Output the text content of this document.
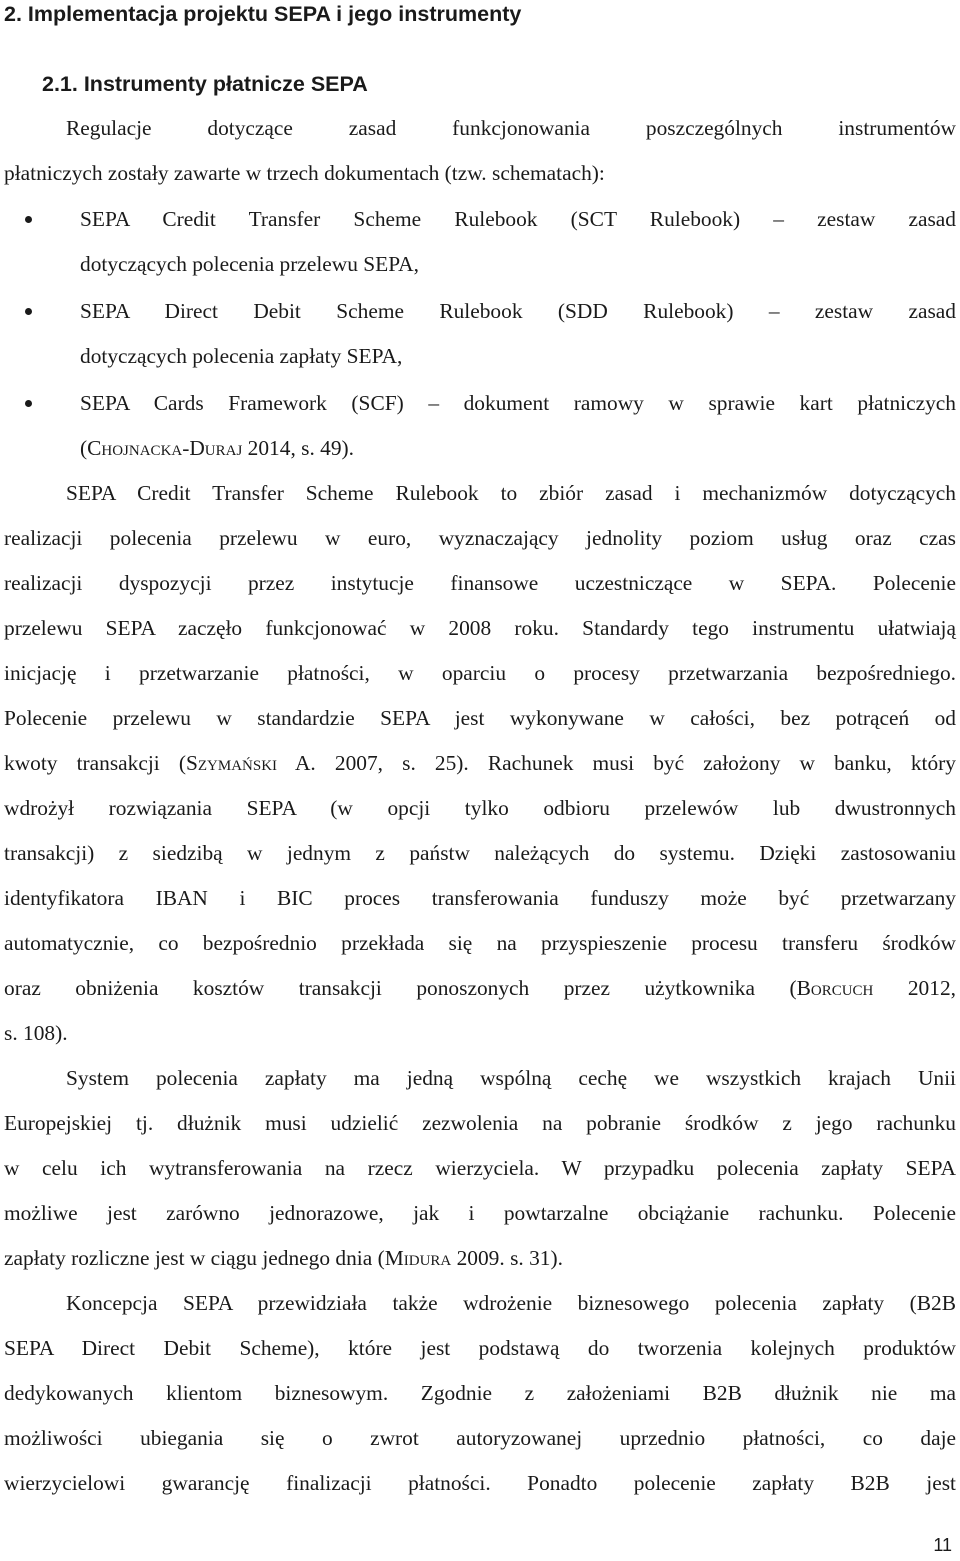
2. Implementacja projektu SEPA i jego instrumenty
2.1. Instrumenty płatnicze SEPA
Regulacje dotyczące zasad funkcjonowania poszczególnych instrumentów
płatniczych zostały zawarte w trzech dokumentach (tzw. schematach):
SEPA Credit Transfer Scheme Rulebook (SCT Rulebook) – zestaw zasad
dotyczących polecenia przelewu SEPA,
SEPA Direct Debit Scheme Rulebook (SDD Rulebook) – zestaw zasad
dotyczących polecenia zapłaty SEPA,
SEPA Cards Framework (SCF) – dokument ramowy w sprawie kart płatniczych
(Chojnacka-Duraj 2014, s. 49).
SEPA Credit Transfer Scheme Rulebook to zbiór zasad i mechanizmów dotyczących
realizacji polecenia przelewu w euro, wyznaczający jednolity poziom usług oraz czas
realizacji dyspozycji przez instytucje finansowe uczestniczące w SEPA. Polecenie
przelewu SEPA zaczęło funkcjonować w 2008 roku. Standardy tego instrumentu ułatwiają
inicjację i przetwarzanie płatności, w oparciu o procesy przetwarzania bezpośredniego.
Polecenie przelewu w standardzie SEPA jest wykonywane w całości, bez potrąceń od
kwoty transakcji (Szymański A. 2007, s. 25). Rachunek musi być założony w banku, który
wdrożył rozwiązania SEPA (w opcji tylko odbioru przelewów lub dwustronnych
transakcji) z siedzibą w jednym z państw należących do systemu. Dzięki zastosowaniu
identyfikatora IBAN i BIC proces transferowania funduszy może być przetwarzany
automatycznie, co bezpośrednio przekłada się na przyspieszenie procesu transferu środków
oraz obniżenia kosztów transakcji ponoszonych przez użytkownika (Borcuch 2012,
s. 108).
System polecenia zapłaty ma jedną wspólną cechę we wszystkich krajach Unii
Europejskiej tj. dłużnik musi udzielić zezwolenia na pobranie środków z jego rachunku
w celu ich wytransferowania na rzecz wierzyciela. W przypadku polecenia zapłaty SEPA
możliwe jest zarówno jednorazowe, jak i powtarzalne obciążanie rachunku. Polecenie
zapłaty rozliczne jest w ciągu jednego dnia (Midura 2009. s. 31).
Koncepcja SEPA przewidziała także wdrożenie biznesowego polecenia zapłaty (B2B
SEPA Direct Debit Scheme), które jest podstawą do tworzenia kolejnych produktów
dedykowanych klientom biznesowym. Zgodnie z założeniami B2B dłużnik nie ma
możliwości ubiegania się o zwrot autoryzowanej uprzednio płatności, co daje
wierzycielowi gwarancję finalizacji płatności. Ponadto polecenie zapłaty B2B jest
11
